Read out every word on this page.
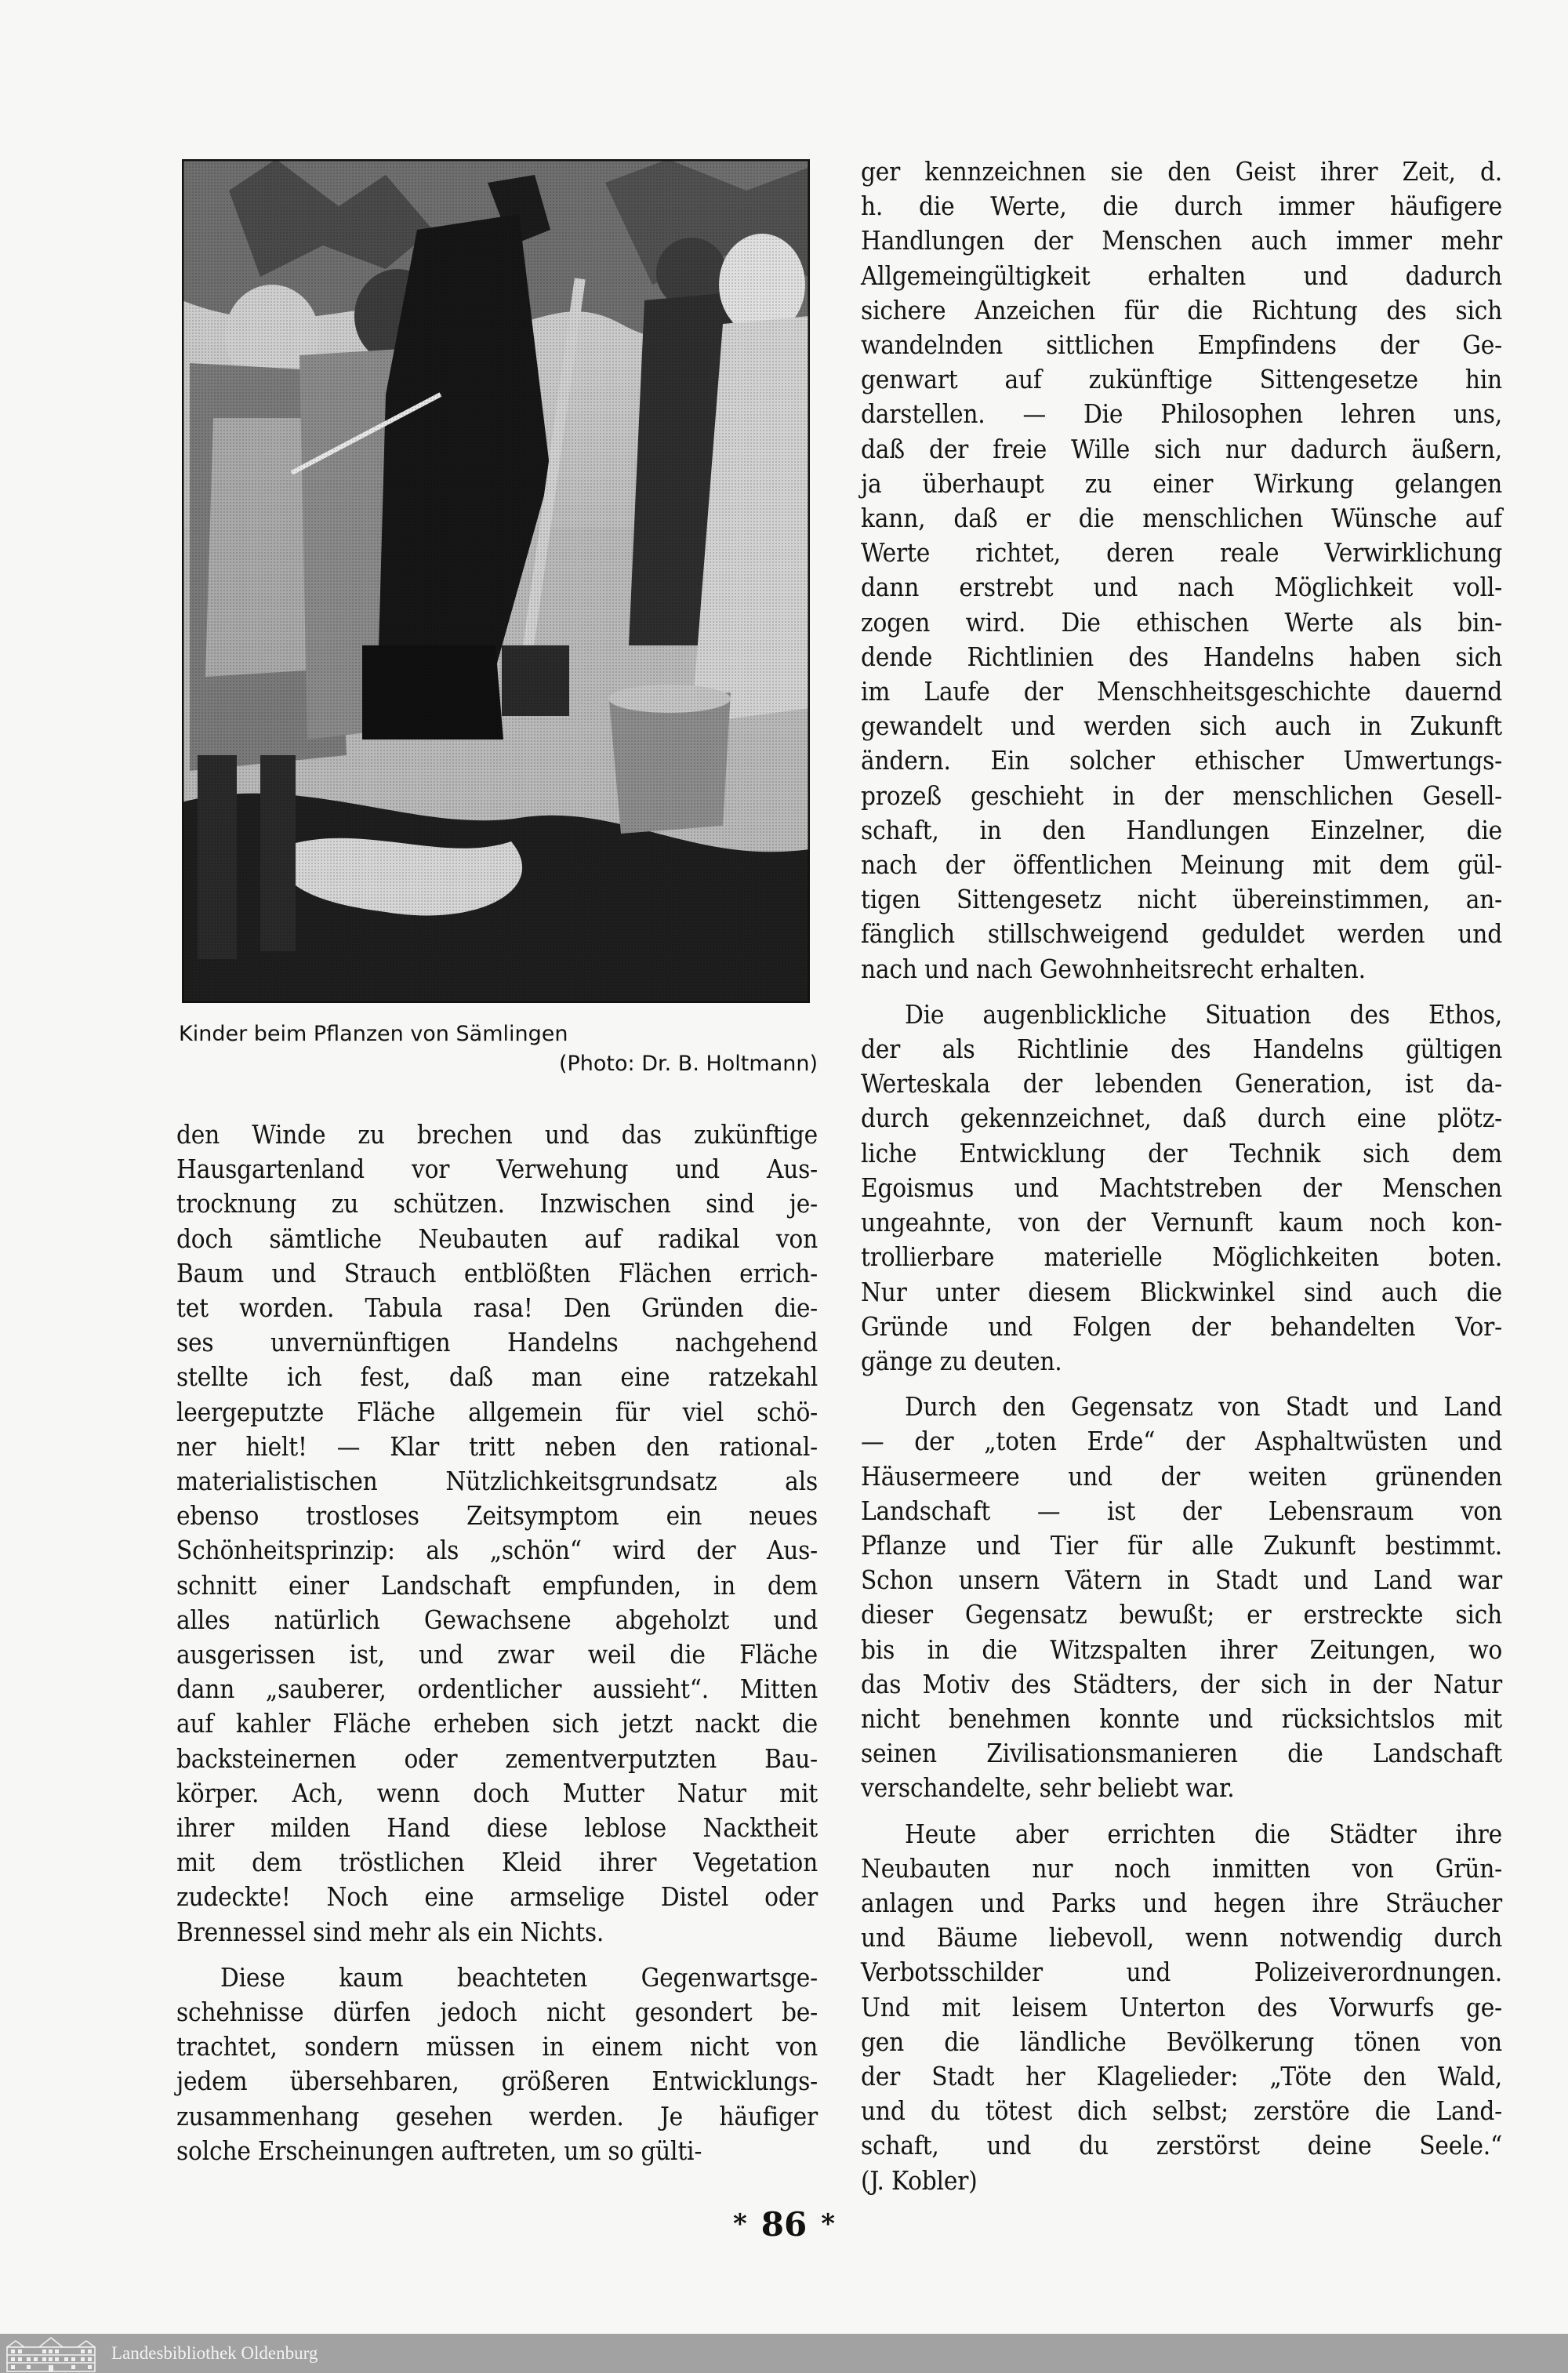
Kinder beim Pflanzen von Sämlingen
(Photo: Dr. B. Holtmann)

den Winde zu brechen und das zukünftige
Hausgartenland vor Verwehung und Aus-
trocknung zu schützen. Inzwischen sind je-
doch sämtliche Neubauten auf radikal von
Baum und Strauch entblößten Flächen errich-
tet worden. Tabula rasa! Den Gründen die-
ses unvernünftigen Handelns nachgehend
stellte ich fest, daß man eine ratzekahl
leergeputzte Fläche allgemein für viel schö-
ner hielt! — Klar tritt neben den rational-
materialistischen Nützlichkeitsgrundsatz als
ebenso trostloses Zeitsymptom ein neues
Schönheitsprinzip: als „schön“ wird der Aus-
schnitt einer Landschaft empfunden, in dem
alles natürlich Gewachsene abgeholzt und
ausgerissen ist, und zwar weil die Fläche
dann „sauberer, ordentlicher aussieht“. Mitten
auf kahler Fläche erheben sich jetzt nackt die
backsteinernen oder zementverputzten Bau-
körper. Ach, wenn doch Mutter Natur mit
ihrer milden Hand diese leblose Nacktheit
mit dem tröstlichen Kleid ihrer Vegetation
zudeckte! Noch eine armselige Distel oder
Brennessel sind mehr als ein Nichts.

Diese kaum beachteten Gegenwartsge-
schehnisse dürfen jedoch nicht gesondert be-
trachtet, sondern müssen in einem nicht von
jedem übersehbaren, größeren Entwicklungs-
zusammenhang gesehen werden. Je häufiger
solche Erscheinungen auftreten, um so gülti-

ger kennzeichnen sie den Geist ihrer Zeit, d.
h. die Werte, die durch immer häufigere
Handlungen der Menschen auch immer mehr
Allgemeingültigkeit erhalten und dadurch
sichere Anzeichen für die Richtung des sich
wandelnden sittlichen Empfindens der Ge-
genwart auf zukünftige Sittengesetze hin
darstellen. — Die Philosophen lehren uns,
daß der freie Wille sich nur dadurch äußern,
ja überhaupt zu einer Wirkung gelangen
kann, daß er die menschlichen Wünsche auf
Werte richtet, deren reale Verwirklichung
dann erstrebt und nach Möglichkeit voll-
zogen wird. Die ethischen Werte als bin-
dende Richtlinien des Handelns haben sich
im Laufe der Menschheitsgeschichte dauernd
gewandelt und werden sich auch in Zukunft
ändern. Ein solcher ethischer Umwertungs-
prozeß geschieht in der menschlichen Gesell-
schaft, in den Handlungen Einzelner, die
nach der öffentlichen Meinung mit dem gül-
tigen Sittengesetz nicht übereinstimmen, an-
fänglich stillschweigend geduldet werden und
nach und nach Gewohnheitsrecht erhalten.

Die augenblickliche Situation des Ethos,
der als Richtlinie des Handelns gültigen
Werteskala der lebenden Generation, ist da-
durch gekennzeichnet, daß durch eine plötz-
liche Entwicklung der Technik sich dem
Egoismus und Machtstreben der Menschen
ungeahnte, von der Vernunft kaum noch kon-
trollierbare materielle Möglichkeiten boten.
Nur unter diesem Blickwinkel sind auch die
Gründe und Folgen der behandelten Vor-
gänge zu deuten.

Durch den Gegensatz von Stadt und Land
— der „toten Erde“ der Asphaltwüsten und
Häusermeere und der weiten grünenden
Landschaft — ist der Lebensraum von
Pflanze und Tier für alle Zukunft bestimmt.
Schon unsern Vätern in Stadt und Land war
dieser Gegensatz bewußt; er erstreckte sich
bis in die Witzspalten ihrer Zeitungen, wo
das Motiv des Städters, der sich in der Natur
nicht benehmen konnte und rücksichtslos mit
seinen Zivilisationsmanieren die Landschaft
verschandelte, sehr beliebt war.

Heute aber errichten die Städter ihre
Neubauten nur noch inmitten von Grün-
anlagen und Parks und hegen ihre Sträucher
und Bäume liebevoll, wenn notwendig durch
Verbotsschilder und Polizeiverordnungen.
Und mit leisem Unterton des Vorwurfs ge-
gen die ländliche Bevölkerung tönen von
der Stadt her Klagelieder: „Töte den Wald,
und du tötest dich selbst; zerstöre die Land-
schaft, und du zerstörst deine Seele.“
(J. Kobler)

* 86 *
Landesbibliothek Oldenburg
